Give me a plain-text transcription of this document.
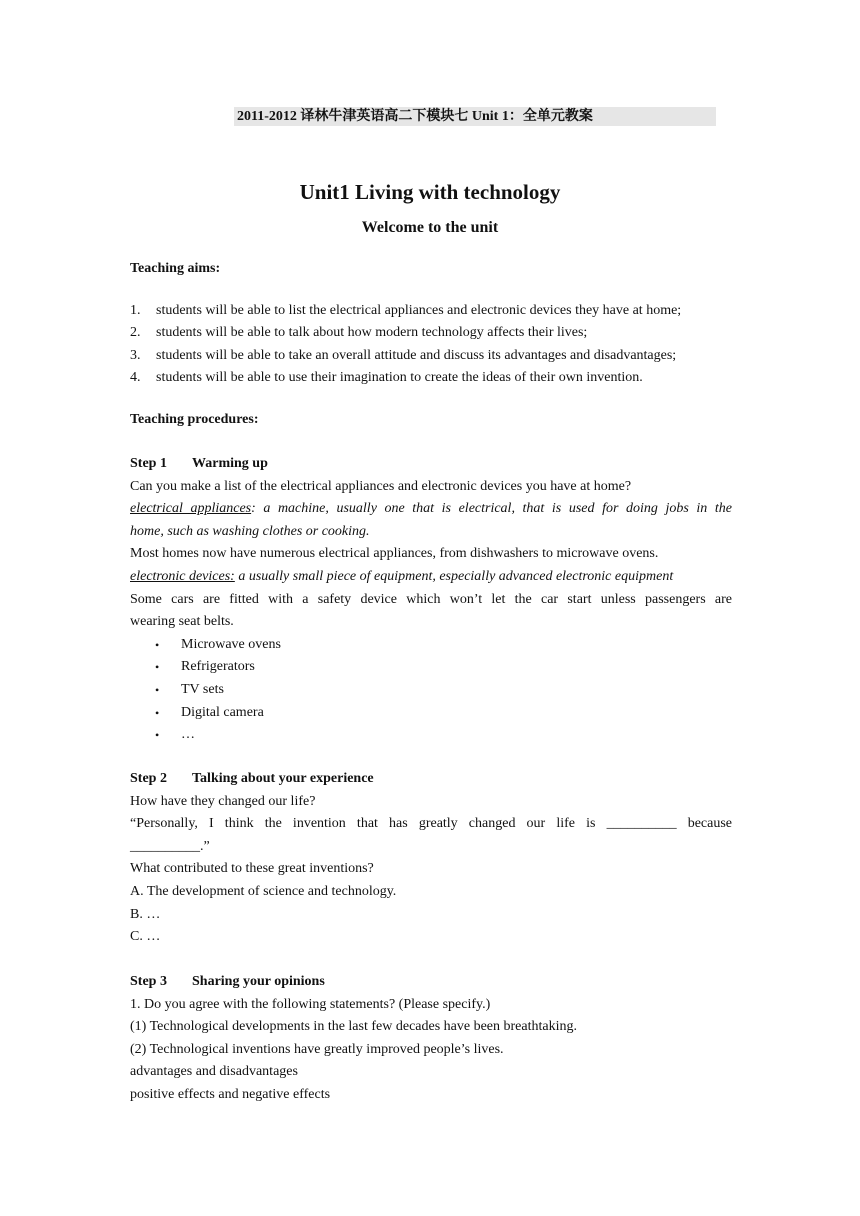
2011-2012 译林牛津英语高二下模块七 Unit 1：全单元教案
Unit1 Living with technology
Welcome to the unit
Teaching aims:
1.	students will be able to list the electrical appliances and electronic devices they have at home;
2.	students will be able to talk about how modern technology affects their lives;
3.	students will be able to take an overall attitude and discuss its advantages and disadvantages;
4.	students will be able to use their imagination to create the ideas of their own invention.
Teaching procedures:
Step 1 Warming up
Can you make a list of the electrical appliances and electronic devices you have at home?
electrical appliances: a machine, usually one that is electrical, that is used for doing jobs in the
home, such as washing clothes or cooking.
Most homes now have numerous electrical appliances, from dishwashers to microwave ovens.
electronic devices: a usually small piece of equipment, especially advanced electronic equipment
Some cars are fitted with a safety device which won’t let the car start unless passengers are
wearing seat belts.
•	Microwave ovens
•	Refrigerators
•	TV sets
•	Digital camera
•	…
Step 2 Talking about your experience
How have they changed our life?
“Personally, I think the invention that has greatly changed our life is __________ because
__________.”
What contributed to these great inventions?
A. The development of science and technology.
B. …
C. …
Step 3 Sharing your opinions
1. Do you agree with the following statements? (Please specify.)
(1) Technological developments in the last few decades have been breathtaking.
(2) Technological inventions have greatly improved people’s lives.
advantages and disadvantages
positive effects and negative effects
